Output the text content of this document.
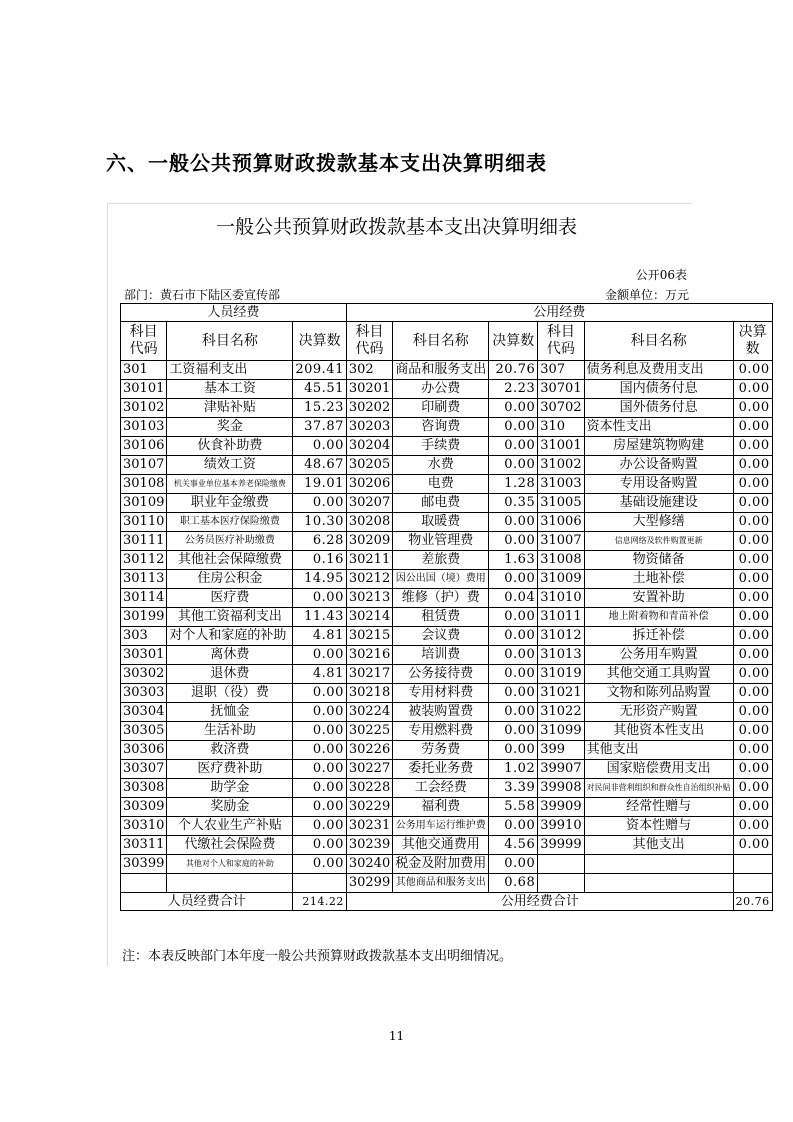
六、一般公共预算财政拨款基本支出决算明细表
一般公共预算财政拨款基本支出决算明细表
公开06表
部门：黄石市下陆区委宣传部	金额单位：万元
人员经费			公用经费					
科目代码	科目名称	决算数	科目代码	科目名称	决算数	科目代码	科目名称	决算数
301	工资福利支出	209.41	302	商品和服务支出	20.76	307	债务利息及费用支出	0.00
30101	基本工资	45.51	30201	办公费	2.23	30701	国内债务付息	0.00
30102	津贴补贴	15.23	30202	印刷费	0.00	30702	国外债务付息	0.00
30103	奖金	37.87	30203	咨询费	0.00	310	资本性支出	0.00
30106	伙食补助费	0.00	30204	手续费	0.00	31001	房屋建筑物购建	0.00
30107	绩效工资	48.67	30205	水费	0.00	31002	办公设备购置	0.00
30108	机关事业单位基本养老保险缴费	19.01	30206	电费	1.28	31003	专用设备购置	0.00
30109	职业年金缴费	0.00	30207	邮电费	0.35	31005	基础设施建设	0.00
30110	职工基本医疗保险缴费	10.30	30208	取暖费	0.00	31006	大型修缮	0.00
30111	公务员医疗补助缴费	6.28	30209	物业管理费	0.00	31007	信息网络及软件购置更新	0.00
30112	其他社会保障缴费	0.16	30211	差旅费	1.63	31008	物资储备	0.00
30113	住房公积金	14.95	30212	因公出国（境）费用	0.00	31009	土地补偿	0.00
30114	医疗费	0.00	30213	维修（护）费	0.04	31010	安置补助	0.00
30199	其他工资福利支出	11.43	30214	租赁费	0.00	31011	地上附着物和青苗补偿	0.00
303	对个人和家庭的补助	4.81	30215	会议费	0.00	31012	拆迁补偿	0.00
30301	离休费	0.00	30216	培训费	0.00	31013	公务用车购置	0.00
30302	退休费	4.81	30217	公务接待费	0.00	31019	其他交通工具购置	0.00
30303	退职（役）费	0.00	30218	专用材料费	0.00	31021	文物和陈列品购置	0.00
30304	抚恤金	0.00	30224	被装购置费	0.00	31022	无形资产购置	0.00
30305	生活补助	0.00	30225	专用燃料费	0.00	31099	其他资本性支出	0.00
30306	救济费	0.00	30226	劳务费	0.00	399	其他支出	0.00
30307	医疗费补助	0.00	30227	委托业务费	1.02	39907	国家赔偿费用支出	0.00
30308	助学金	0.00	30228	工会经费	3.39	39908	对民间非营利组织和群众性自治组织补贴	0.00
30309	奖励金	0.00	30229	福利费	5.58	39909	经常性赠与	0.00
30310	个人农业生产补贴	0.00	30231	公务用车运行维护费	0.00	39910	资本性赠与	0.00
30311	代缴社会保险费	0.00	30239	其他交通费用	4.56	39999	其他支出	0.00
30399	其他对个人和家庭的补助	0.00	30240	税金及附加费用	0.00			
			30299	其他商品和服务支出	0.68			
人员经费合计		214.22	公用经费合计					20.76
注：本表反映部门本年度一般公共预算财政拨款基本支出明细情况。
11
